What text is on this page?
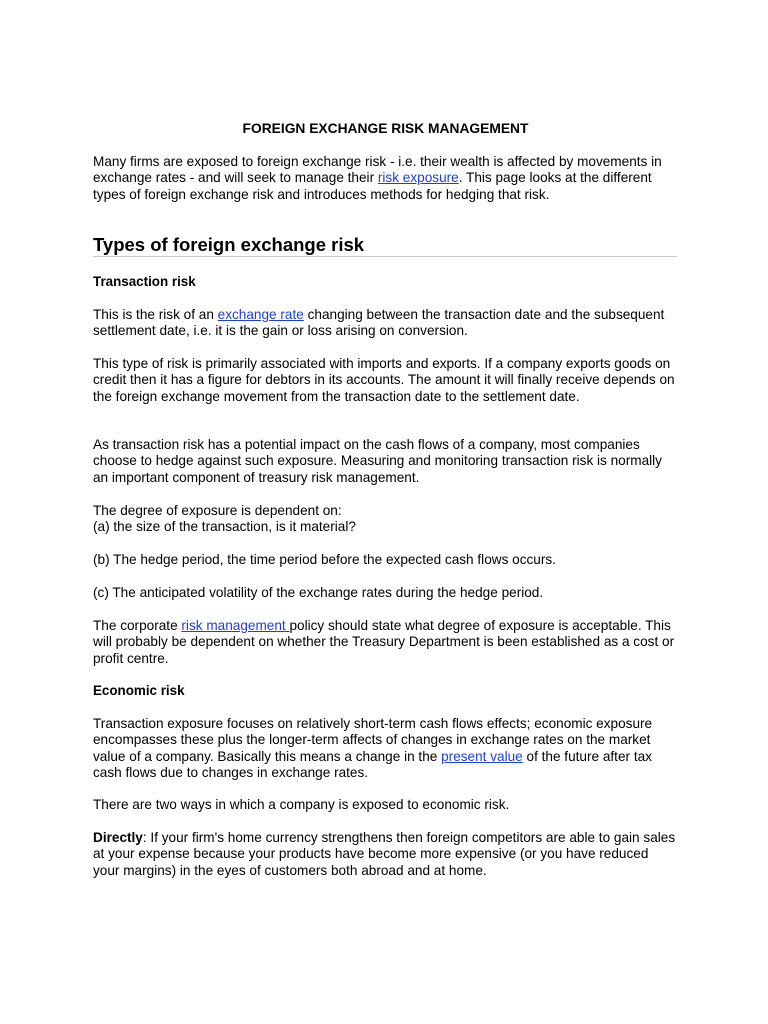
FOREIGN EXCHANGE RISK MANAGEMENT

Many firms are exposed to foreign exchange risk - i.e. their wealth is affected by movements in exchange rates - and will seek to manage their risk exposure. This page looks at the different types of foreign exchange risk and introduces methods for hedging that risk.

Types of foreign exchange risk
Transaction risk

This is the risk of an exchange rate changing between the transaction date and the subsequent settlement date, i.e. it is the gain or loss arising on conversion.

This type of risk is primarily associated with imports and exports. If a company exports goods on credit then it has a figure for debtors in its accounts. The amount it will finally receive depends on the foreign exchange movement from the transaction date to the settlement date.

As transaction risk has a potential impact on the cash flows of a company, most companies choose to hedge against such exposure. Measuring and monitoring transaction risk is normally an important component of treasury risk management.

The degree of exposure is dependent on:

(a) the size of the transaction, is it material?

(b) The hedge period, the time period before the expected cash flows occurs.

(c) The anticipated volatility of the exchange rates during the hedge period.

The corporate risk management policy should state what degree of exposure is acceptable. This will probably be dependent on whether the Treasury Department is been established as a cost or profit centre.

Economic risk

Transaction exposure focuses on relatively short-term cash flows effects; economic exposure encompasses these plus the longer-term affects of changes in exchange rates on the market value of a company. Basically this means a change in the present value of the future after tax cash flows due to changes in exchange rates.

There are two ways in which a company is exposed to economic risk.

Directly: If your firm's home currency strengthens then foreign competitors are able to gain sales at your expense because your products have become more expensive (or you have reduced your margins) in the eyes of customers both abroad and at home.
